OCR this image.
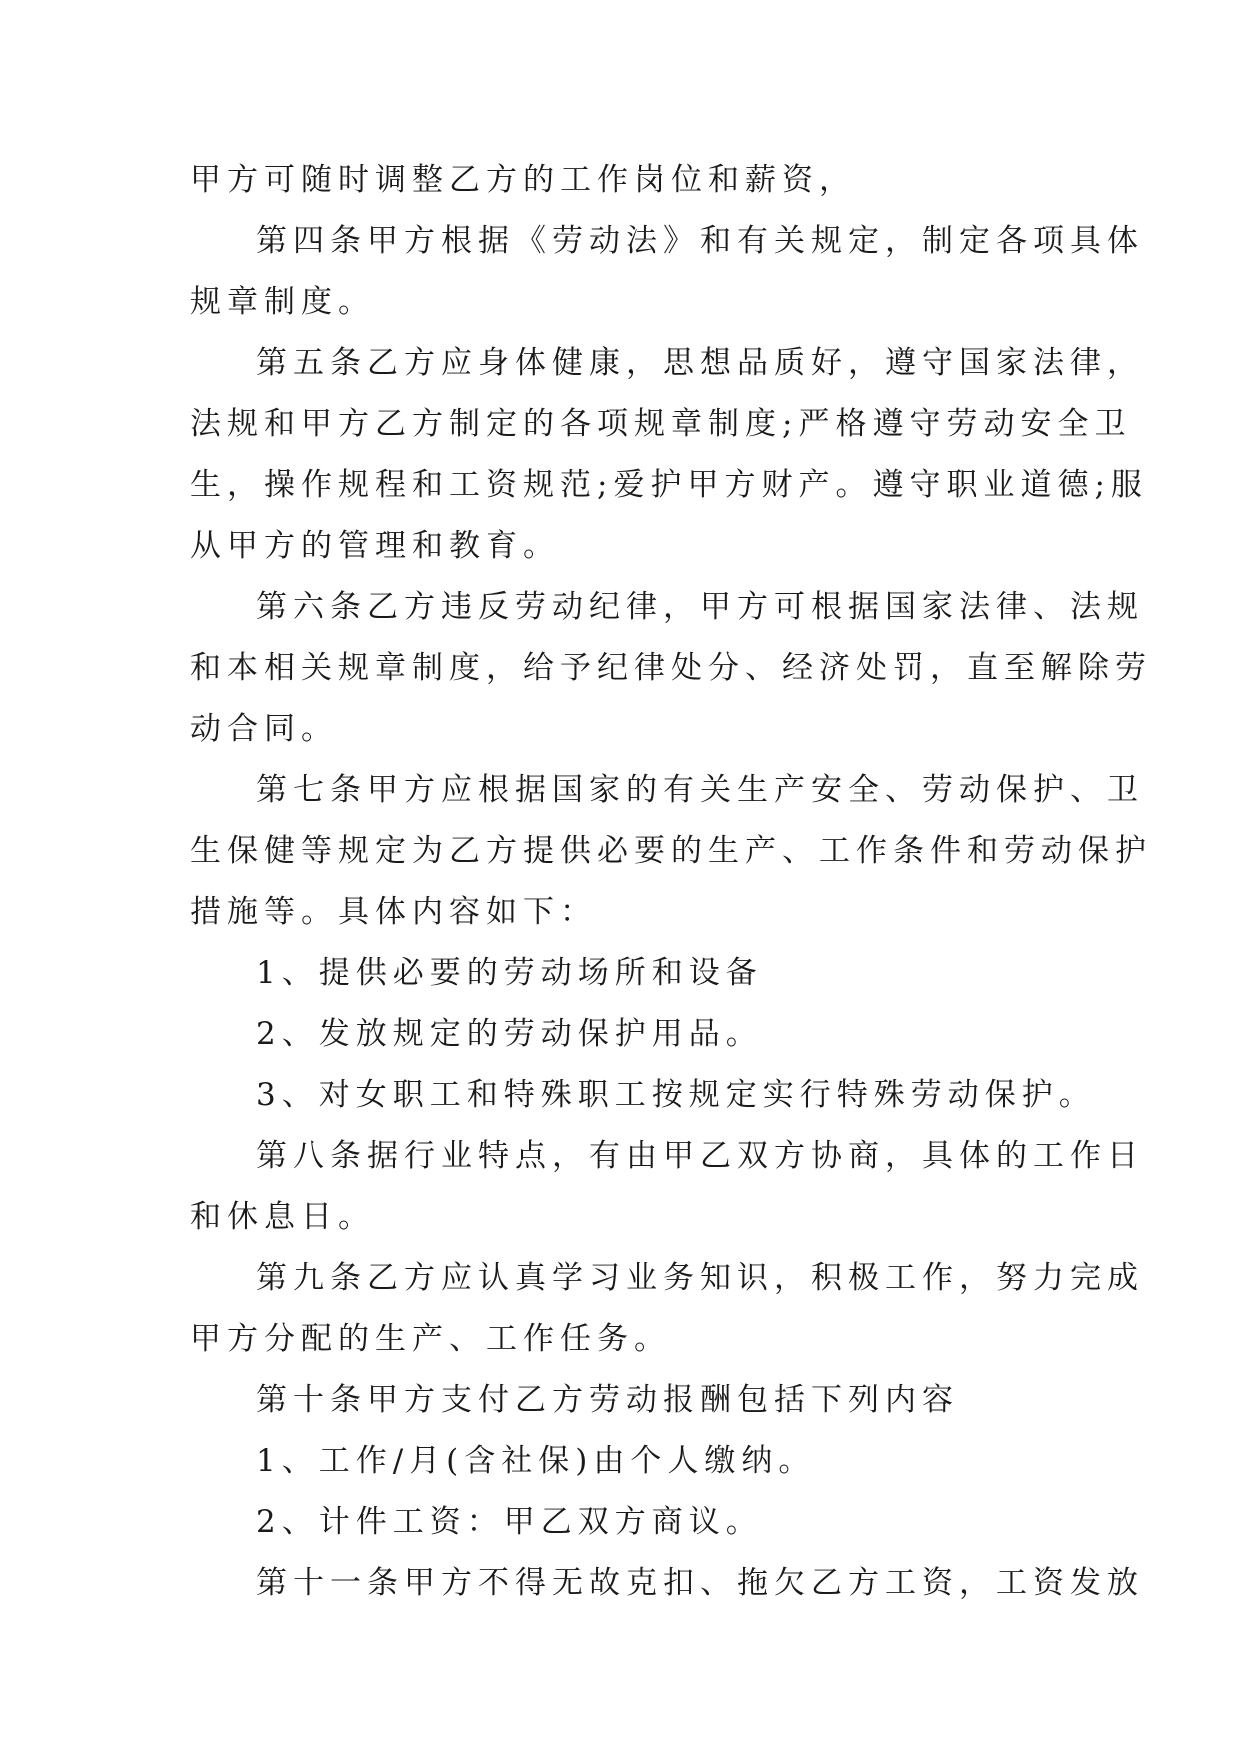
甲方可随时调整乙方的工作岗位和薪资，
第四条甲方根据《劳动法》和有关规定，制定各项具体
规章制度。
第五条乙方应身体健康，思想品质好，遵守国家法律，
法规和甲方乙方制定的各项规章制度;严格遵守劳动安全卫
生，操作规程和工资规范;爱护甲方财产。遵守职业道德;服
从甲方的管理和教育。
第六条乙方违反劳动纪律，甲方可根据国家法律、法规
和本相关规章制度，给予纪律处分、经济处罚，直至解除劳
动合同。
第七条甲方应根据国家的有关生产安全、劳动保护、卫
生保健等规定为乙方提供必要的生产、工作条件和劳动保护
措施等。具体内容如下：
1、提供必要的劳动场所和设备
2、发放规定的劳动保护用品。
3、对女职工和特殊职工按规定实行特殊劳动保护。
第八条据行业特点，有由甲乙双方协商，具体的工作日
和休息日。
第九条乙方应认真学习业务知识，积极工作，努力完成
甲方分配的生产、工作任务。
第十条甲方支付乙方劳动报酬包括下列内容
1、工作/月(含社保)由个人缴纳。
2、计件工资：甲乙双方商议。
第十一条甲方不得无故克扣、拖欠乙方工资，工资发放
